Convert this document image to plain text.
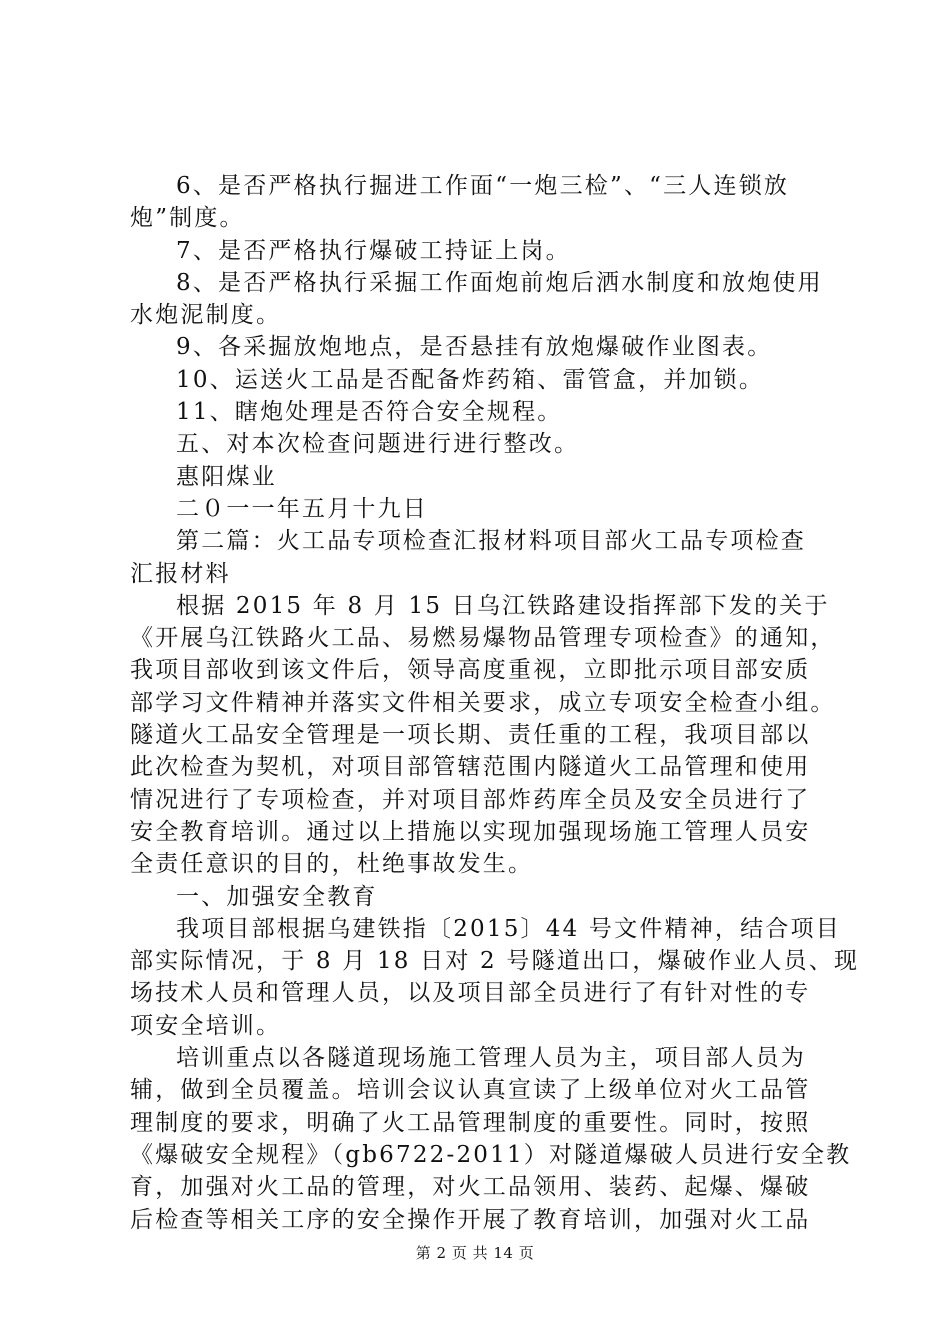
6、是否严格执行掘进工作面“一炮三检”、“三人连锁放
炮”制度。
7、是否严格执行爆破工持证上岗。
8、是否严格执行采掘工作面炮前炮后洒水制度和放炮使用
水炮泥制度。
9、各采掘放炮地点，是否悬挂有放炮爆破作业图表。
10、运送火工品是否配备炸药箱、雷管盒，并加锁。
11、瞎炮处理是否符合安全规程。
五、对本次检查问题进行进行整改。
惠阳煤业
二０一一年五月十九日
第二篇：火工品专项检查汇报材料项目部火工品专项检查
汇报材料
根据 2015 年 8 月 15 日乌江铁路建设指挥部下发的关于
《开展乌江铁路火工品、易燃易爆物品管理专项检查》的通知，
我项目部收到该文件后，领导高度重视，立即批示项目部安质
部学习文件精神并落实文件相关要求，成立专项安全检查小组。
隧道火工品安全管理是一项长期、责任重的工程，我项目部以
此次检查为契机，对项目部管辖范围内隧道火工品管理和使用
情况进行了专项检查，并对项目部炸药库全员及安全员进行了
安全教育培训。通过以上措施以实现加强现场施工管理人员安
全责任意识的目的，杜绝事故发生。
一、加强安全教育
我项目部根据乌建铁指〔2015〕44 号文件精神，结合项目
部实际情况，于 8 月 18 日对 2 号隧道出口，爆破作业人员、现
场技术人员和管理人员，以及项目部全员进行了有针对性的专
项安全培训。
培训重点以各隧道现场施工管理人员为主，项目部人员为
辅，做到全员覆盖。培训会议认真宣读了上级单位对火工品管
理制度的要求，明确了火工品管理制度的重要性。同时，按照
《爆破安全规程》（gb6722-2011）对隧道爆破人员进行安全教
育，加强对火工品的管理，对火工品领用、装药、起爆、爆破
后检查等相关工序的安全操作开展了教育培训，加强对火工品
第 2 页 共 14 页
